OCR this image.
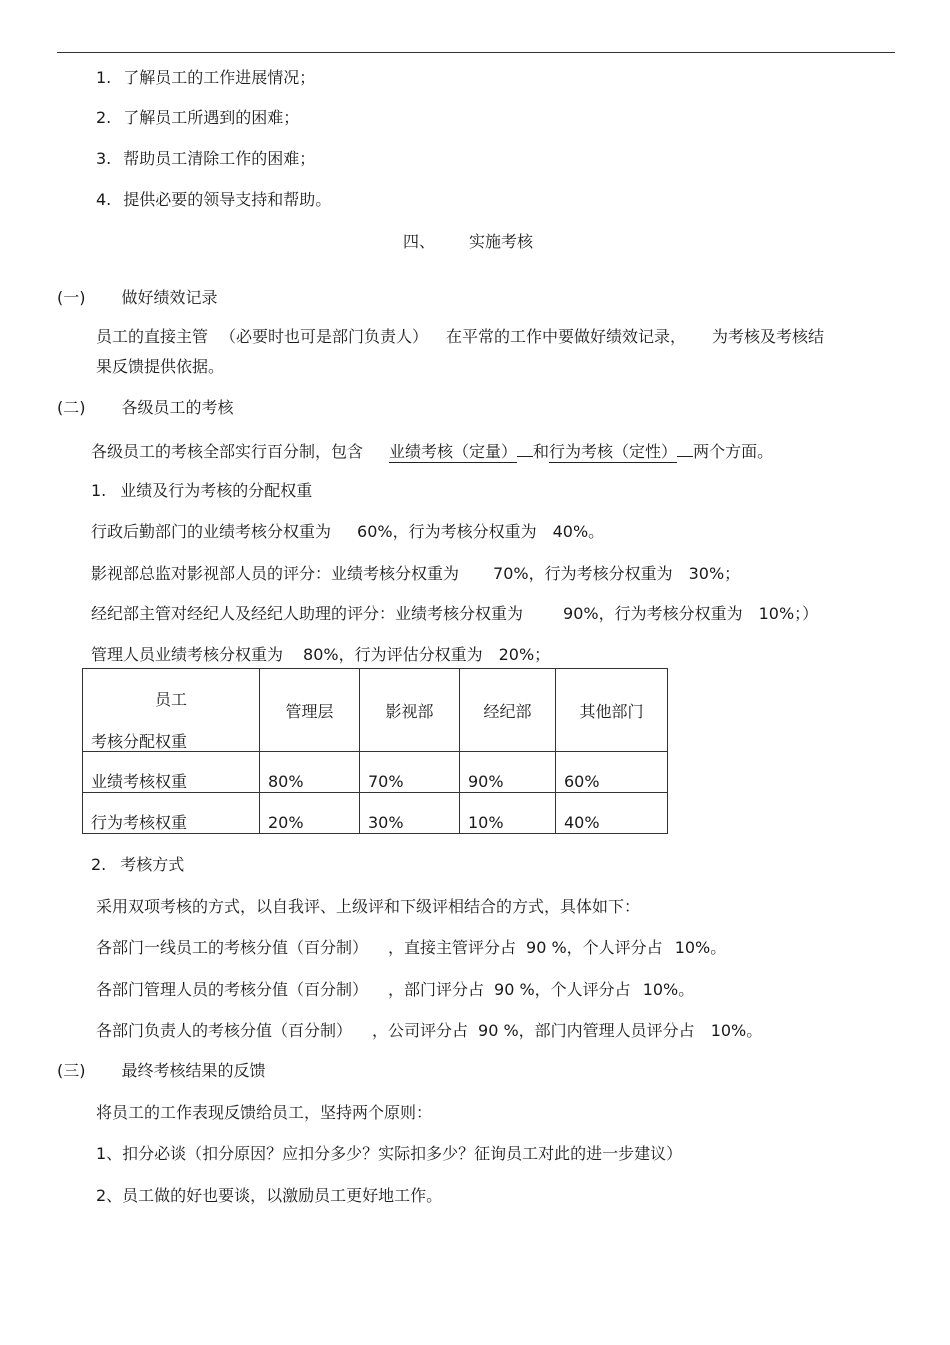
1. 了解员工的工作进展情况；
2. 了解员工所遇到的困难；
3. 帮助员工清除工作的困难；
4. 提供必要的领导支持和帮助。
四、 实施考核
(一) 做好绩效记录
员工的直接主管 （必要时也可是部门负责人） 在平常的工作中要做好绩效记录， 为考核及考核结
果反馈提供依据。
(二) 各级员工的考核
各级员工的考核全部实行百分制，包含 业绩考核（定量） 和行为考核（定性） 两个方面。
1. 业绩及行为考核的分配权重
行政后勤部门的业绩考核分权重为 60%，行为考核分权重为 40%。
影视部总监对影视部人员的评分：业绩考核分权重为 70%，行为考核分权重为 30%；
经纪部主管对经纪人及经纪人助理的评分：业绩考核分权重为	90%，行为考核分权重为 10%；）
管理人员业绩考核分权重为 80%，行为评估分权重为 20%；
员工
考核分配权重	管理层	影视部	经纪部	其他部门

业绩考核权重	80%	70%	90%	60%

行为考核权重	20%	30%	10%	40%
2. 考核方式
采用双项考核的方式，以自我评、上级评和下级评相结合的方式，具体如下：
各部门一线员工的考核分值（百分制） ，直接主管评分占 90 %，个人评分占 10%。
各部门管理人员的考核分值（百分制） ，部门评分占 90 %，个人评分占 10%。
各部门负责人的考核分值（百分制） ，公司评分占 90 %，部门内管理人员评分占 10%。
(三) 最终考核结果的反馈
将员工的工作表现反馈给员工，坚持两个原则：
1、扣分必谈（扣分原因？应扣分多少？实际扣多少？征询员工对此的进一步建议）
2、员工做的好也要谈，以激励员工更好地工作。
